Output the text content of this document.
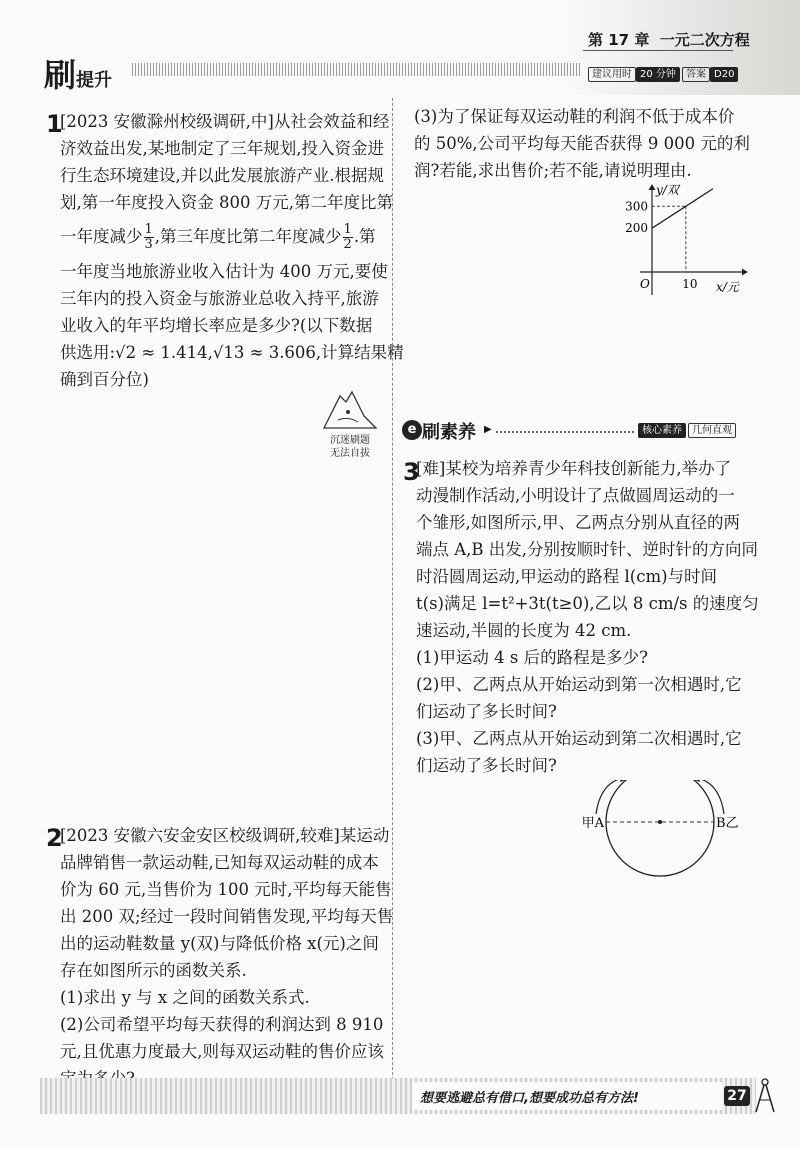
第 17 章 一元二次方程
刷提升	建议用时 20 分钟	答案 D20
1
[2023 安徽滁州校级调研,中]从社会效益和经
济效益出发,某地制定了三年规划,投入资金进
行生态环境建设,并以此发展旅游产业.根据规
划,第一年度投入资金 800 万元,第二年度比第
一年度减少 $\frac{1}{3}$ ,第三年度比第二年度减少 $\frac{1}{2}$ .第
一年度当地旅游业收入估计为 400 万元,要使
三年内的投入资金与旅游业总收入持平,旅游
业收入的年平均增长率应是多少?(以下数据
供选用:√2 ≈ 1.414,√13 ≈ 3.606,计算结果精
确到百分位)
沉迷刷题
无法自拔
2
[2023 安徽六安金安区校级调研,较难]某运动
品牌销售一款运动鞋,已知每双运动鞋的成本
价为 60 元,当售价为 100 元时,平均每天能售
出 200 双;经过一段时间销售发现,平均每天售
出的运动鞋数量 y(双)与降低价格 x(元)之间
存在如图所示的函数关系.
(1)求出 y 与 x 之间的函数关系式.
(2)公司希望平均每天获得的利润达到 8 910
元,且优惠力度最大,则每双运动鞋的售价应该
(3)为了保证每双运动鞋的利润不低于成本价
的 50%,公司平均每天能否获得 9 000 元的利
润?若能,求出售价;若不能,请说明理由.
y/双
x/元
O
200
300
10
e 刷素养 ▶	核心素养	几何直观
3
[难]某校为培养青少年科技创新能力,举办了
动漫制作活动,小明设计了点做圆周运动的一
个雏形,如图所示,甲、乙两点分别从直径的两
端点 A,B 出发,分别按顺时针、逆时针的方向同
时沿圆周运动,甲运动的路程 l(cm)与时间
t(s)满足 l=t²+3t(t≥0),乙以 8 cm/s 的速度匀
速运动,半圆的长度为 42 cm.
(1)甲运动 4 s 后的路程是多少?
(2)甲、乙两点从开始运动到第一次相遇时,它
们运动了多长时间?
(3)甲、乙两点从开始运动到第二次相遇时,它
们运动了多长时间?
甲A	B乙
想要逃避总有借口,想要成功总有方法!	27
